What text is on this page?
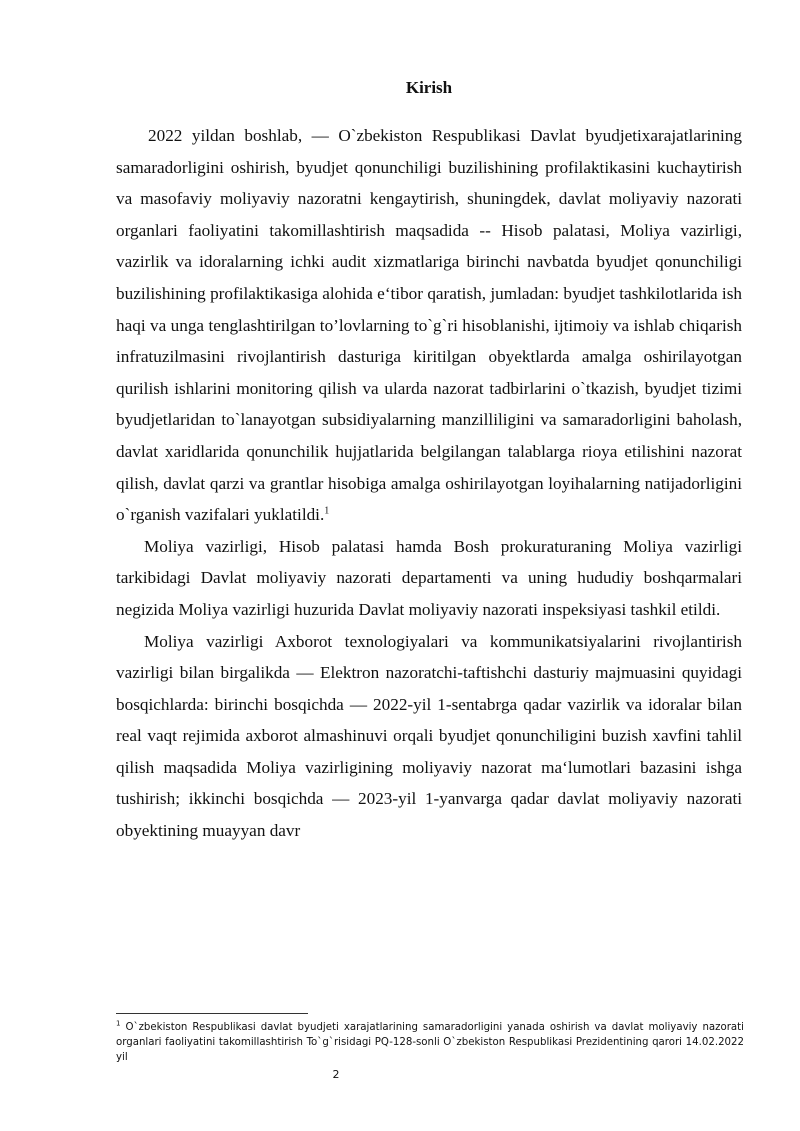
Kirish

2022 yildan boshlab, — O`zbekiston Respublikasi Davlat byudjetixarajatlarining samaradorligini oshirish, byudjet qonunchiligi buzilishining profilaktikasini kuchaytirish va masofaviy moliyaviy nazoratni kengaytirish, shuningdek, davlat moliyaviy nazorati organlari faoliyatini takomillashtirish maqsadida -- Hisob palatasi, Moliya vazirligi, vazirlik va idoralarning ichki audit xizmatlariga birinchi navbatda byudjet qonunchiligi buzilishining profilaktikasiga alohida e‘tibor qaratish, jumladan: byudjet tashkilotlarida ish haqi va unga tenglashtirilgan to’lovlarning to`g`ri hisoblanishi, ijtimoiy va ishlab chiqarish infratuzilmasini rivojlantirish dasturiga kiritilgan obyektlarda amalga oshirilayotgan qurilish ishlarini monitoring qilish va ularda nazorat tadbirlarini o`tkazish, byudjet tizimi byudjetlaridan to`lanayotgan subsidiyalarning manzilliligini va samaradorligini baholash, davlat xaridlarida qonunchilik hujjatlarida belgilangan talablarga rioya etilishini nazorat qilish, davlat qarzi va grantlar hisobiga amalga oshirilayotgan loyihalarning natijadorligini o`rganish vazifalari yuklatildi.$^1$

Moliya vazirligi, Hisob palatasi hamda Bosh prokuraturaning Moliya vazirligi tarkibidagi Davlat moliyaviy nazorati departamenti va uning hududiy boshqarmalari negizida Moliya vazirligi huzurida Davlat moliyaviy nazorati inspeksiyasi tashkil etildi.

Moliya vazirligi Axborot texnologiyalari va kommunikatsiyalarini rivojlantirish vazirligi bilan birgalikda — Elektron nazoratchi-taftishchi dasturiy majmuasini quyidagi bosqichlarda: birinchi bosqichda — 2022-yil 1-sentabrga qadar vazirlik va idoralar bilan real vaqt rejimida axborot almashinuvi orqali byudjet qonunchiligini buzish xavfini tahlil qilish maqsadida Moliya vazirligining moliyaviy nazorat ma‘lumotlari bazasini ishga tushirish; ikkinchi bosqichda — 2023-yil 1-yanvarga qadar davlat moliyaviy nazorati obyektining muayyan davr

$^1$ O`zbekiston Respublikasi davlat byudjeti xarajatlarining samaradorligini yanada oshirish va davlat moliyaviy nazorati organlari faoliyatini takomillashtirish To`g`risidagi PQ-128-sonli O`zbekiston Respublikasi Prezidentining qarori 14.02.2022 yil
2
